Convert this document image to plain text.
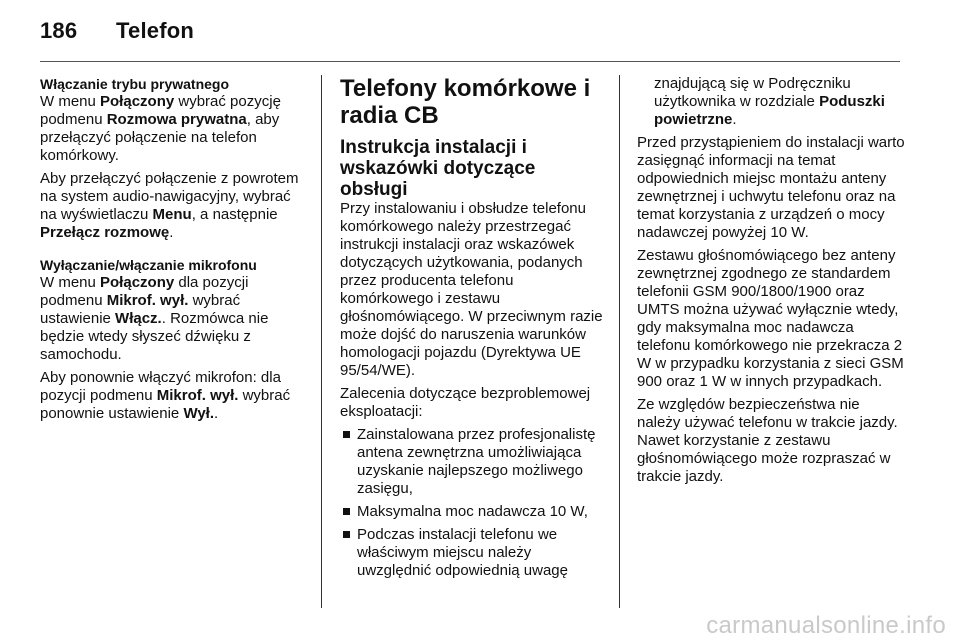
186 Telefon

Włączanie trybu prywatnego

W menu Połączony wybrać pozycję podmenu Rozmowa prywatna, aby przełączyć połączenie na telefon komórkowy.

Aby przełączyć połączenie z powrotem na system audio-nawigacyjny, wybrać na wyświetlaczu Menu, a następnie Przełącz rozmowę.

Wyłączanie/włączanie mikrofonu

W menu Połączony dla pozycji podmenu Mikrof. wył. wybrać ustawienie Włącz.. Rozmówca nie będzie wtedy słyszeć dźwięku z samochodu.

Aby ponownie włączyć mikrofon: dla pozycji podmenu Mikrof. wył. wybrać ponownie ustawienie Wył..

Telefony komórkowe i radia CB
Instrukcja instalacji i wskazówki dotyczące obsługi

Przy instalowaniu i obsłudze telefonu komórkowego należy przestrzegać instrukcji instalacji oraz wskazówek dotyczących użytkowania, podanych przez producenta telefonu komórkowego i zestawu głośnomówiącego. W przeciwnym razie może dojść do naruszenia warunków homologacji pojazdu (Dyrektywa UE 95/54/WE).

Zalecenia dotyczące bezproblemowej eksploatacji:

Zainstalowana przez profesjonalistę antena zewnętrzna umożliwiająca uzyskanie najlepszego możliwego zasięgu,
Maksymalna moc nadawcza 10 W,
Podczas instalacji telefonu we właściwym miejscu należy uwzględnić odpowiednią uwagę

znajdującą się w Podręczniku użytkownika w rozdziale Poduszki powietrzne.

Przed przystąpieniem do instalacji warto zasięgnąć informacji na temat odpowiednich miejsc montażu anteny zewnętrznej i uchwytu telefonu oraz na temat korzystania z urządzeń o mocy nadawczej powyżej 10 W.

Zestawu głośnomówiącego bez anteny zewnętrznej zgodnego ze standardem telefonii GSM 900/1800/1900 oraz UMTS można używać wyłącznie wtedy, gdy maksymalna moc nadawcza telefonu komórkowego nie przekracza 2 W w przypadku korzystania z sieci GSM 900 oraz 1 W w innych przypadkach.

Ze względów bezpieczeństwa nie należy używać telefonu w trakcie jazdy. Nawet korzystanie z zestawu głośnomówiącego może rozpraszać w trakcie jazdy.

carmanualsonline.info
